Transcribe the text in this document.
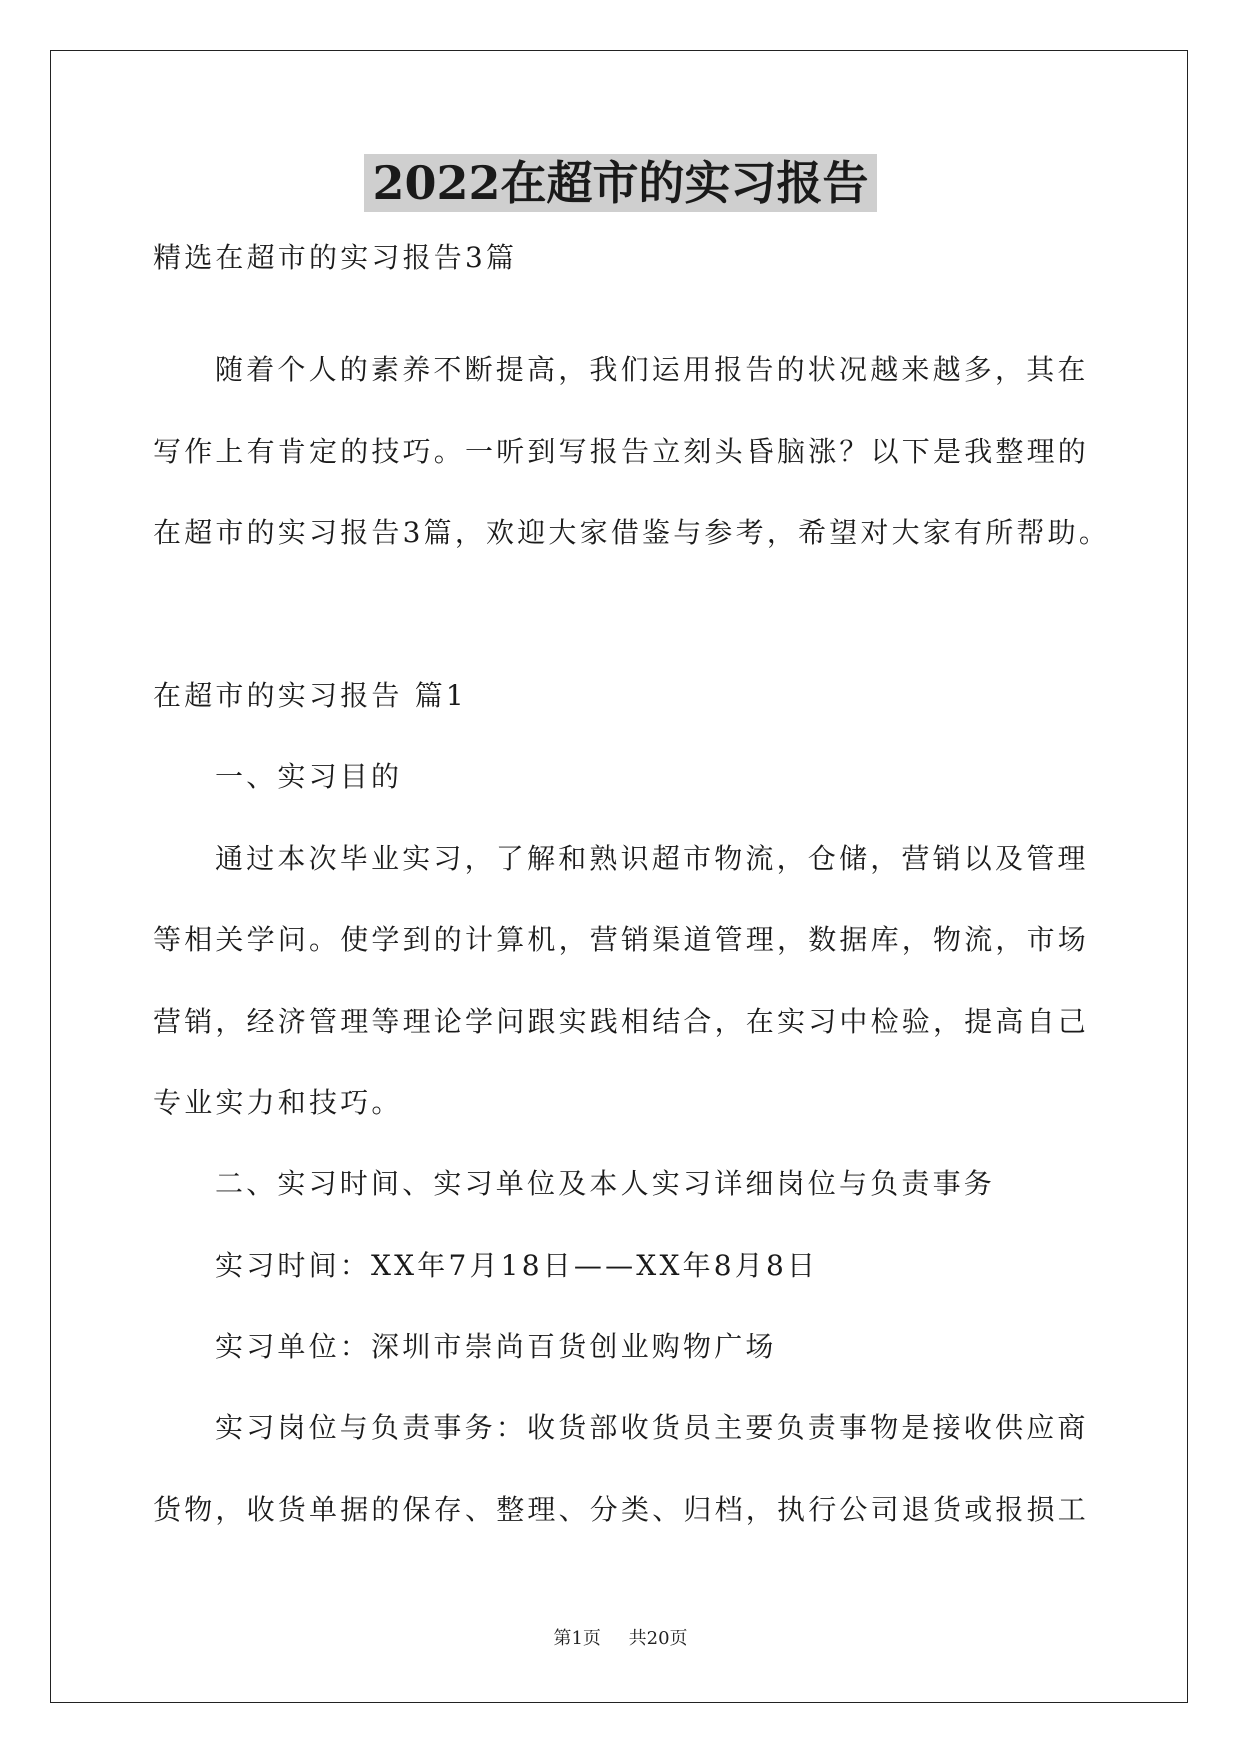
2022在超市的实习报告
精选在超市的实习报告3篇
随着个人的素养不断提高，我们运用报告的状况越来越多，其在
写作上有肯定的技巧。一听到写报告立刻头昏脑涨？以下是我整理的
在超市的实习报告3篇，欢迎大家借鉴与参考，希望对大家有所帮助。
在超市的实习报告 篇1
一、实习目的
通过本次毕业实习，了解和熟识超市物流，仓储，营销以及管理
等相关学问。使学到的计算机，营销渠道管理，数据库，物流，市场
营销，经济管理等理论学问跟实践相结合，在实习中检验，提高自己
专业实力和技巧。
二、实习时间、实习单位及本人实习详细岗位与负责事务
实习时间：XX年7月18日——XX年8月8日
实习单位：深圳市崇尚百货创业购物广场
实习岗位与负责事务：收货部收货员主要负责事物是接收供应商
货物，收货单据的保存、整理、分类、归档，执行公司退货或报损工
第1页 共20页
